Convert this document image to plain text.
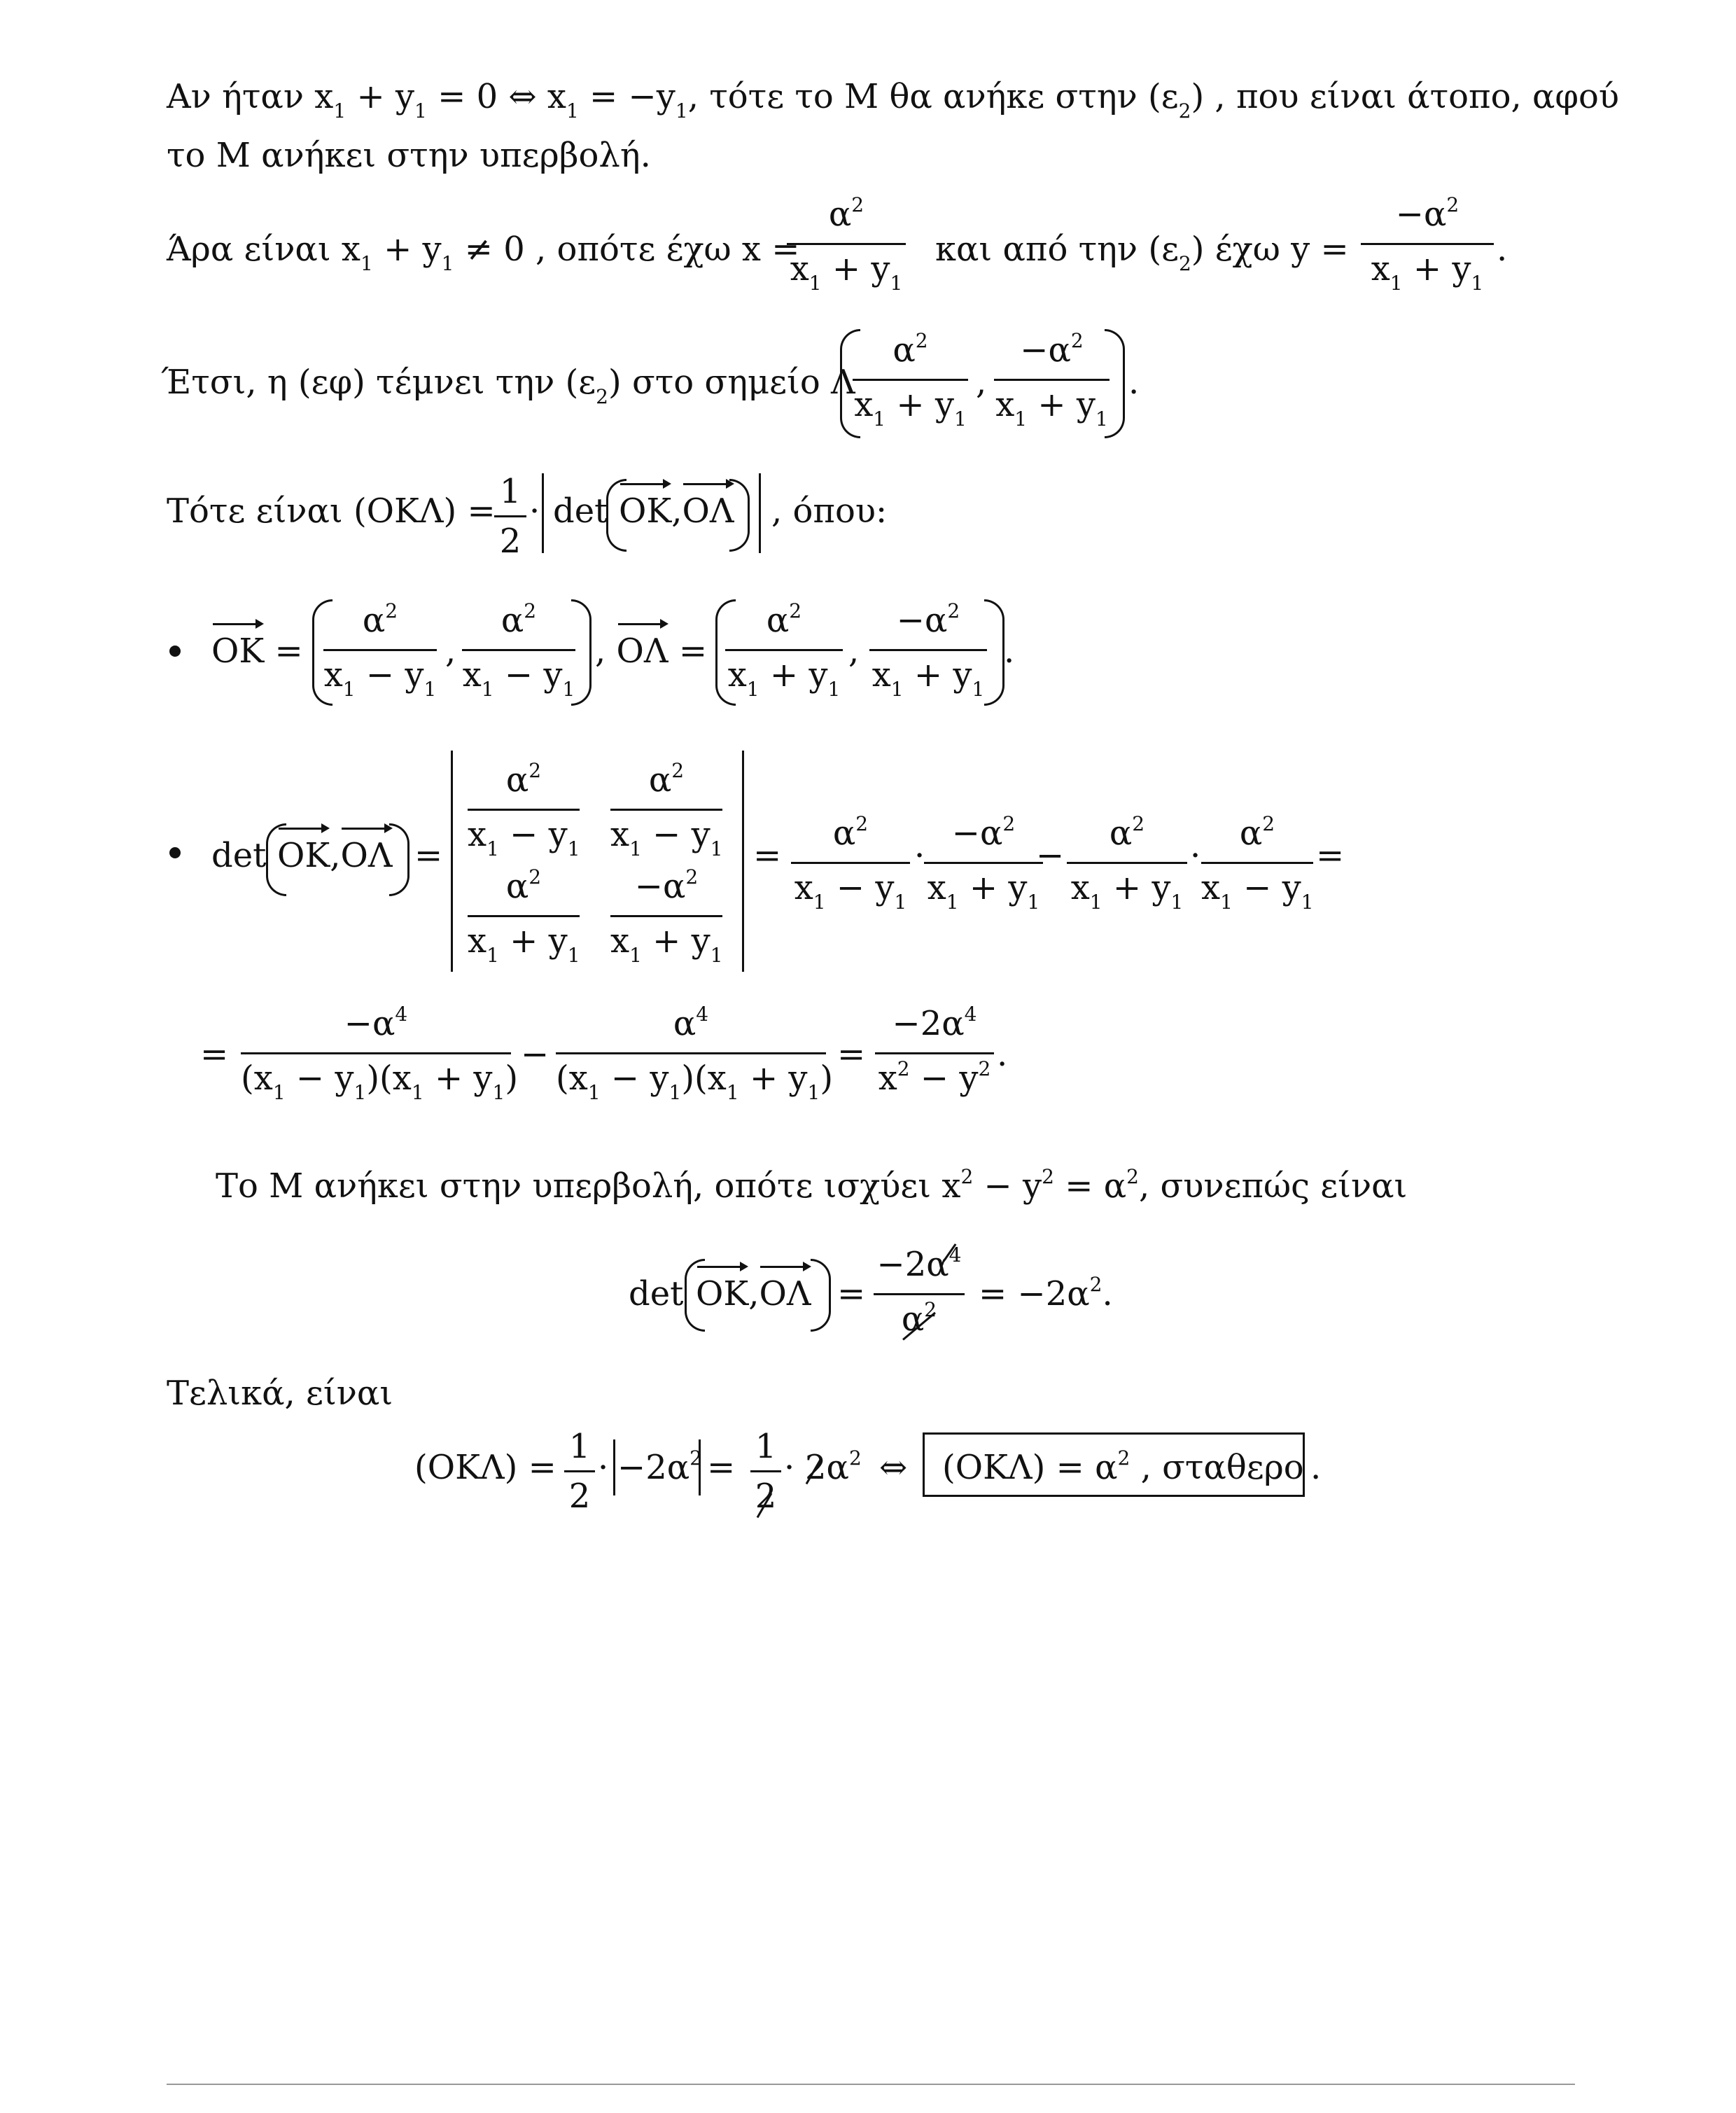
Αν ήταν $x_1 + y_1 = 0$ ⇔ $x_1 = -y_1$, τότε το Μ θα ανήκε στην $(\varepsilon_2)$ , που είναι άτοπο, αφού
το Μ ανήκει στην υπερβολή.
Άρα είναι $x_1 + y_1 \ne 0$ , οπότε έχω x =	και από την $(\varepsilon_2)$ έχω y =	.
$\alpha^2$
$x_1 + y_1$
$-\alpha^2$
$x_1 + y_1$
Έτσι, η (εφ) τέμνει την $(\varepsilon_2)$ στο σημείο Λ	,	.
$\alpha^2$
$x_1 + y_1$
$-\alpha^2$
$x_1 + y_1$
Τότε είναι (ΟΚΛ) = · det ΟΚ,ΟΛ , όπου:
1
2
ΟΚ =	,	, ΟΛ =	,	.
$\alpha^2$
$x_1 - y_1$
$\alpha^2$
$x_1 - y_1$
$\alpha^2$
$x_1 + y_1$
$-\alpha^2$
$x_1 + y_1$
det ΟΚ,ΟΛ =	=	·	−	·	=
$\alpha^2$
$x_1 - y_1$
$\alpha^2$
$x_1 - y_1$
$\alpha^2$
$x_1 + y_1$
$-\alpha^2$
$x_1 + y_1$
$\alpha^2$
$x_1 - y_1$
$-\alpha^2$
$x_1 + y_1$
$\alpha^2$
$x_1 + y_1$
$\alpha^2$
$x_1 - y_1$
=	−	=	.
$-\alpha^4$
$(x_1 - y_1)(x_1 + y_1)$
$\alpha^4$
$(x_1 - y_1)(x_1 + y_1)$
$-2\alpha^4$
$x^2 - y^2$
Το Μ ανήκει στην υπερβολή, οπότε ισχύει $x^2 - y^2 = \alpha^2$, συνεπώς είναι
det ΟΚ,ΟΛ =	= $-2\alpha^2$.
$-2\alpha^4$
$\alpha^2$
Τελικά, είναι
(ΟΚΛ) = · $-2\alpha^2$ = · $2\alpha^2$ ⇔ $(OK\Lambda) = \alpha^2$ , σταθερο .
1
2
1
2
